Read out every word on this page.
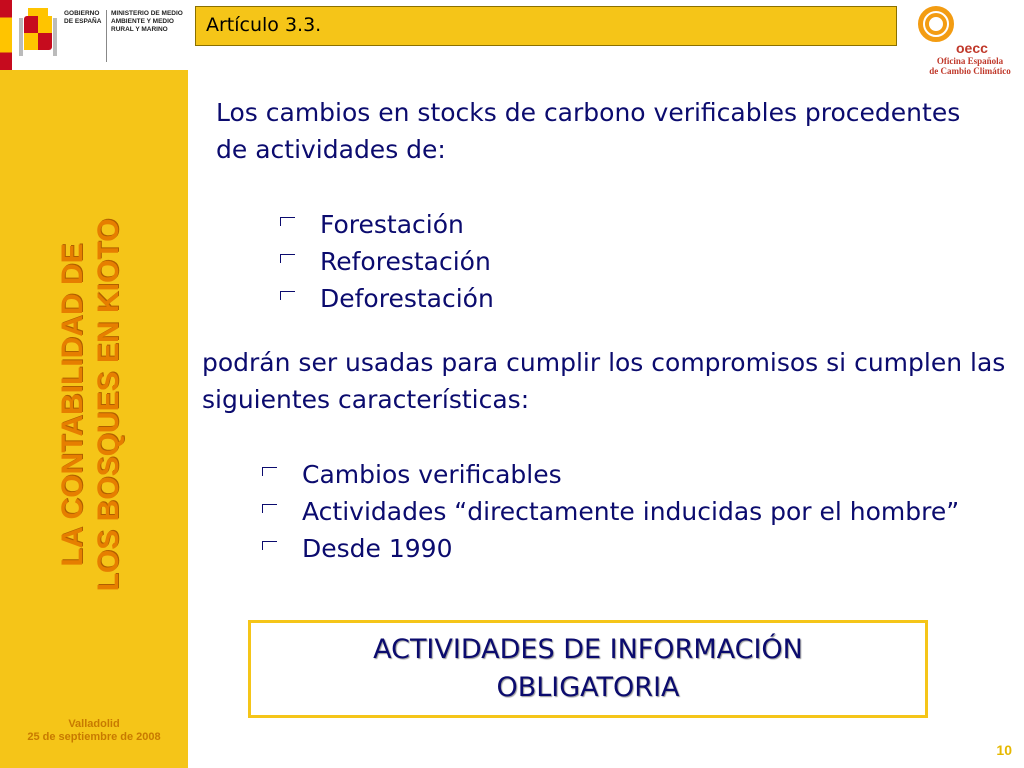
GOBIERNO DE ESPAÑA
MINISTERIO DE MEDIO AMBIENTE Y MEDIO RURAL Y MARINO
LA CONTABILIDAD DE LOS BOSQUES EN KIOTO
Valladolid
25 de septiembre de 2008
Artículo 3.3.
oecc
Oficina Española
de Cambio Climático
Los cambios en stocks de carbono verificables procedentes de actividades de:
Forestación
Reforestación
Deforestación
podrán ser usadas para cumplir los compromisos si cumplen las siguientes características:
Cambios verificables
Actividades “directamente inducidas por el hombre”
Desde 1990
ACTIVIDADES DE INFORMACIÓN
OBLIGATORIA
10
